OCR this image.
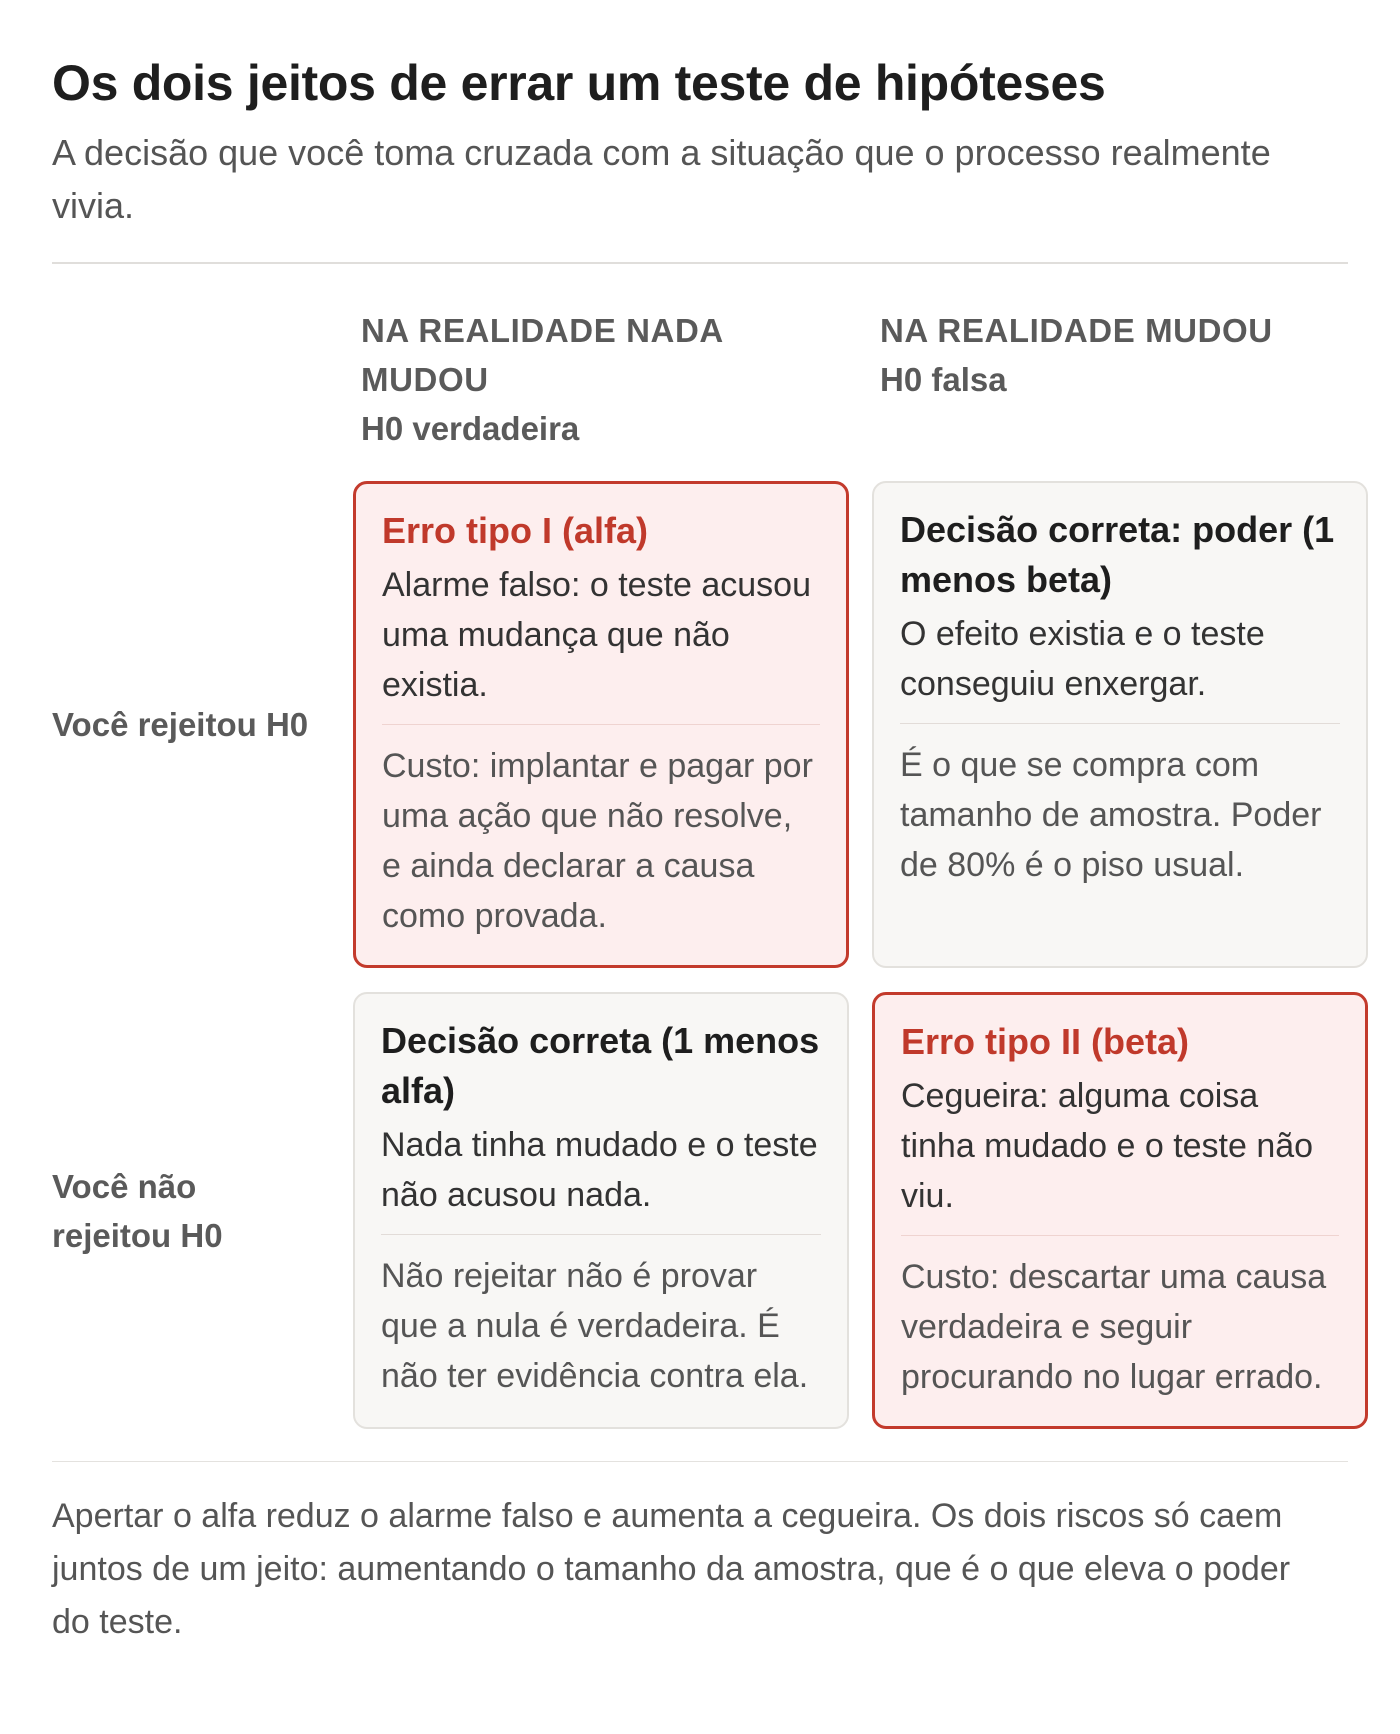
Os dois jeitos de errar um teste de hipóteses

A decisão que você toma cruzada com a situação que o processo realmente vivia.

NA REALIDADE NADA MUDOU
H0 verdadeira
NA REALIDADE MUDOU
H0 falsa
Você rejeitou H0
Erro tipo I (alfa)
Alarme falso: o teste acusou uma mudança que não existia.
Custo: implantar e pagar por uma ação que não resolve, e ainda declarar a causa como provada.
Decisão correta: poder (1 menos beta)
O efeito existia e o teste conseguiu enxergar.
É o que se compra com tamanho de amostra. Poder de 80% é o piso usual.
Você não rejeitou H0
Decisão correta (1 menos alfa)
Nada tinha mudado e o teste não acusou nada.
Não rejeitar não é provar que a nula é verdadeira. É não ter evidência contra ela.
Erro tipo II (beta)
Cegueira: alguma coisa tinha mudado e o teste não viu.
Custo: descartar uma causa verdadeira e seguir procurando no lugar errado.

Apertar o alfa reduz o alarme falso e aumenta a cegueira. Os dois riscos só caem juntos de um jeito: aumentando o tamanho da amostra, que é o que eleva o poder do teste.
